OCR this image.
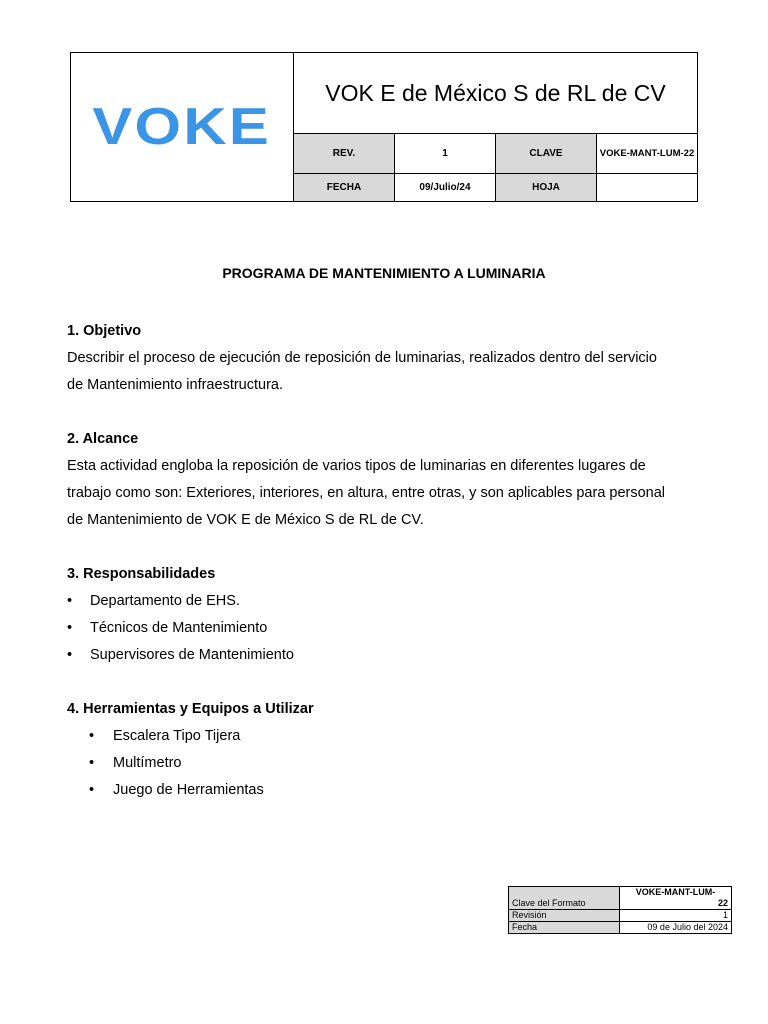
VOKE	VOK E de México S de RL de CV			
	REV.	1	CLAVE	VOKE-MANT-LUM-22
	FECHA	09/Julio/24	HOJA	
PROGRAMA DE MANTENIMIENTO A LUMINARIA

1. Objetivo

Describir el proceso de ejecución de reposición de luminarias, realizados dentro del servicio

de Mantenimiento infraestructura.

2. Alcance

Esta actividad engloba la reposición de varios tipos de luminarias en diferentes lugares de

trabajo como son: Exteriores, interiores, en altura, entre otras, y son aplicables para personal

de Mantenimiento de VOK E de México S de RL de CV.

3. Responsabilidades

• Departamento de EHS.
• Técnicos de Mantenimiento
• Supervisores de Mantenimiento

4. Herramientas y Equipos a Utilizar

• Escalera Tipo Tijera
• Multímetro
• Juego de Herramientas
Clave del Formato	VOKE-MANT-LUM-
22

Revisión	1
Fecha	09 de Julio del 2024
